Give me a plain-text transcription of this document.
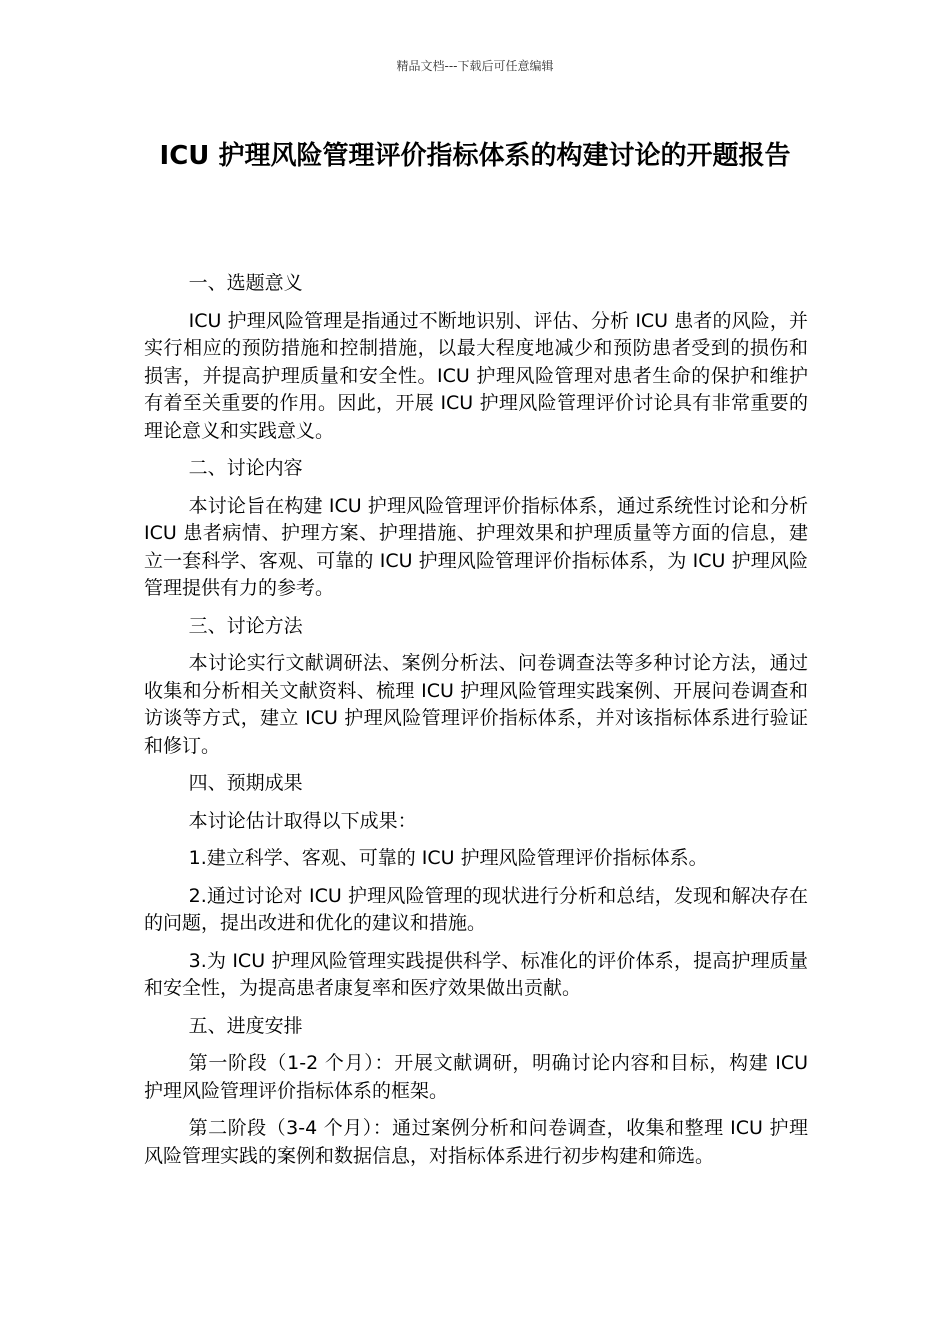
精品文档---下载后可任意编辑
ICU 护理风险管理评价指标体系的构建讨论的开题报告
一、选题意义

ICU 护理风险管理是指通过不断地识别、评估、分析 ICU 患者的风险，并实行相应的预防措施和控制措施，以最大程度地减少和预防患者受到的损伤和损害，并提高护理质量和安全性。ICU 护理风险管理对患者生命的保护和维护有着至关重要的作用。因此，开展 ICU 护理风险管理评价讨论具有非常重要的理论意义和实践意义。

二、讨论内容

本讨论旨在构建 ICU 护理风险管理评价指标体系，通过系统性讨论和分析 ICU 患者病情、护理方案、护理措施、护理效果和护理质量等方面的信息，建立一套科学、客观、可靠的 ICU 护理风险管理评价指标体系，为 ICU 护理风险管理提供有力的参考。

三、讨论方法

本讨论实行文献调研法、案例分析法、问卷调查法等多种讨论方法，通过收集和分析相关文献资料、梳理 ICU 护理风险管理实践案例、开展问卷调查和访谈等方式，建立 ICU 护理风险管理评价指标体系，并对该指标体系进行验证和修订。

四、预期成果

本讨论估计取得以下成果：

1.建立科学、客观、可靠的 ICU 护理风险管理评价指标体系。

2.通过讨论对 ICU 护理风险管理的现状进行分析和总结，发现和解决存在的问题，提出改进和优化的建议和措施。

3.为 ICU 护理风险管理实践提供科学、标准化的评价体系，提高护理质量和安全性，为提高患者康复率和医疗效果做出贡献。

五、进度安排

第一阶段（1-2 个月）：开展文献调研，明确讨论内容和目标，构建 ICU 护理风险管理评价指标体系的框架。

第二阶段（3-4 个月）：通过案例分析和问卷调查，收集和整理 ICU 护理风险管理实践的案例和数据信息，对指标体系进行初步构建和筛选。
